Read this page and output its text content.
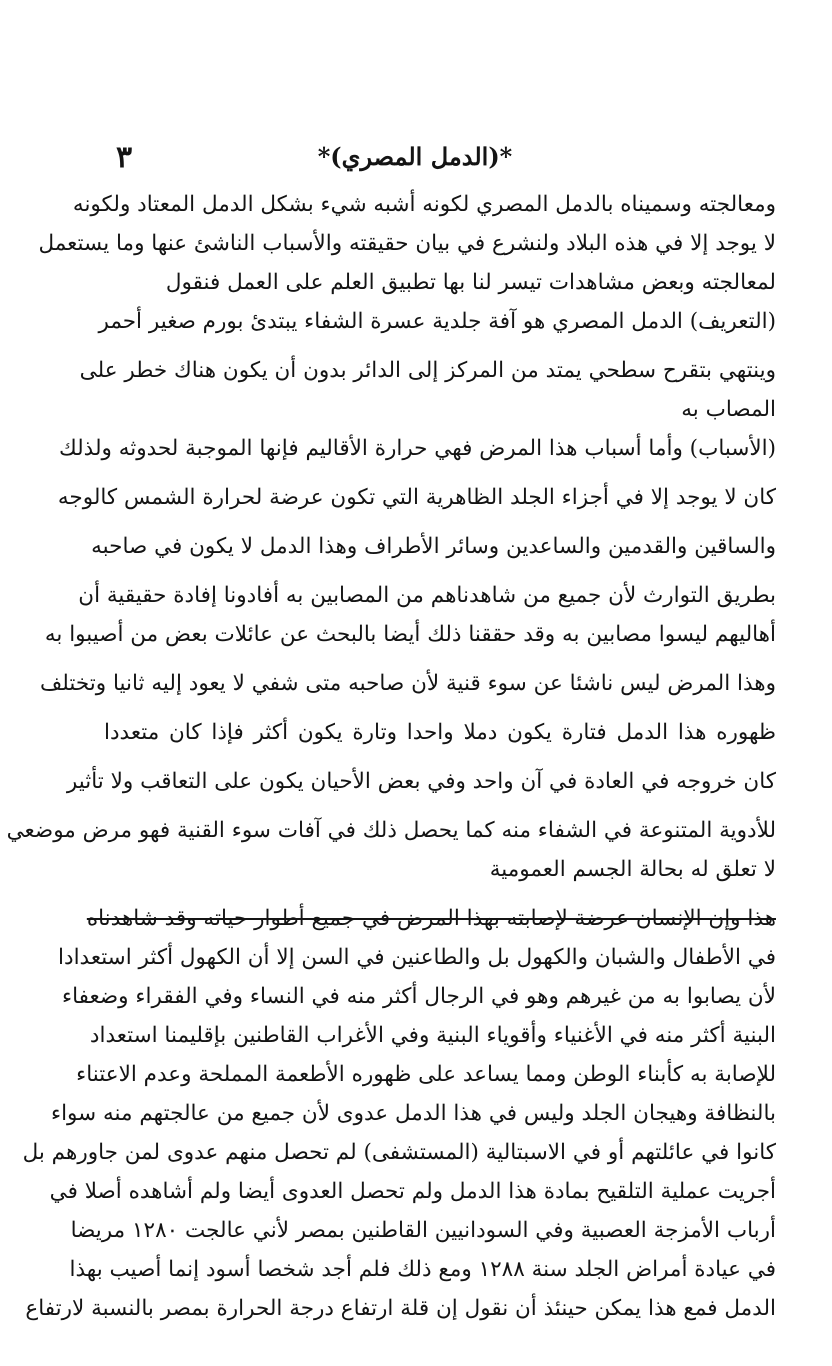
٣	*(الدمل المصري)*
ومعالجته وسميناه بالدمل المصري لكونه أشبه شيء بشكل الدمل المعتاد ولكونه
لا يوجد إلا في هذه البلاد ولنشرع في بيان حقيقته والأسباب الناشئ عنها وما يستعمل
لمعالجته وبعض مشاهدات تيسر لنا بها تطبيق العلم على العمل فنقول
(التعريف) الدمل المصري هو آفة جلدية عسرة الشفاء يبتدئ بورم صغير أحمر
وينتهي بتقرح سطحي يمتد من المركز إلى الدائر بدون أن يكون هناك خطر على
المصاب به
(الأسباب) وأما أسباب هذا المرض فهي حرارة الأقاليم فإنها الموجبة لحدوثه ولذلك
كان لا يوجد إلا في أجزاء الجلد الظاهرية التي تكون عرضة لحرارة الشمس كالوجه
والساقين والقدمين والساعدين وسائر الأطراف وهذا الدمل لا يكون في صاحبه
بطريق التوارث لأن جميع من شاهدناهم من المصابين به أفادونا إفادة حقيقية أن
أهاليهم ليسوا مصابين به وقد حققنا ذلك أيضا بالبحث عن عائلات بعض من أصيبوا به
وهذا المرض ليس ناشئا عن سوء قنية لأن صاحبه متى شفي لا يعود إليه ثانيا وتختلف
ظهوره هذا الدمل فتارة يكون دملا واحدا وتارة يكون أكثر فإذا كان متعددا
كان خروجه في العادة في آن واحد وفي بعض الأحيان يكون على التعاقب ولا تأثير
للأدوية المتنوعة في الشفاء منه كما يحصل ذلك في آفات سوء القنية فهو مرض موضعي
لا تعلق له بحالة الجسم العمومية
هذا وإن الإنسان عرضة لإصابته بهذا المرض في جميع أطوار حياته وقد شاهدناه
في الأطفال والشبان والكهول بل والطاعنين في السن إلا أن الكهول أكثر استعدادا
لأن يصابوا به من غيرهم وهو في الرجال أكثر منه في النساء وفي الفقراء وضعفاء
البنية أكثر منه في الأغنياء وأقوياء البنية وفي الأغراب القاطنين بإقليمنا استعداد
للإصابة به كأبناء الوطن ومما يساعد على ظهوره الأطعمة المملحة وعدم الاعتناء
بالنظافة وهيجان الجلد وليس في هذا الدمل عدوى لأن جميع من عالجتهم منه سواء
كانوا في عائلتهم أو في الاسبتالية (المستشفى) لم تحصل منهم عدوى لمن جاورهم بل
أجريت عملية التلقيح بمادة هذا الدمل ولم تحصل العدوى أيضا ولم أشاهده أصلا في
أرباب الأمزجة العصبية وفي السودانيين القاطنين بمصر لأني عالجت ١٢٨٠ مريضا
في عيادة أمراض الجلد سنة ١٢٨٨ ومع ذلك فلم أجد شخصا أسود إنما أصيب بهذا
الدمل فمع هذا يمكن حينئذ أن نقول إن قلة ارتفاع درجة الحرارة بمصر بالنسبة لارتفاع
